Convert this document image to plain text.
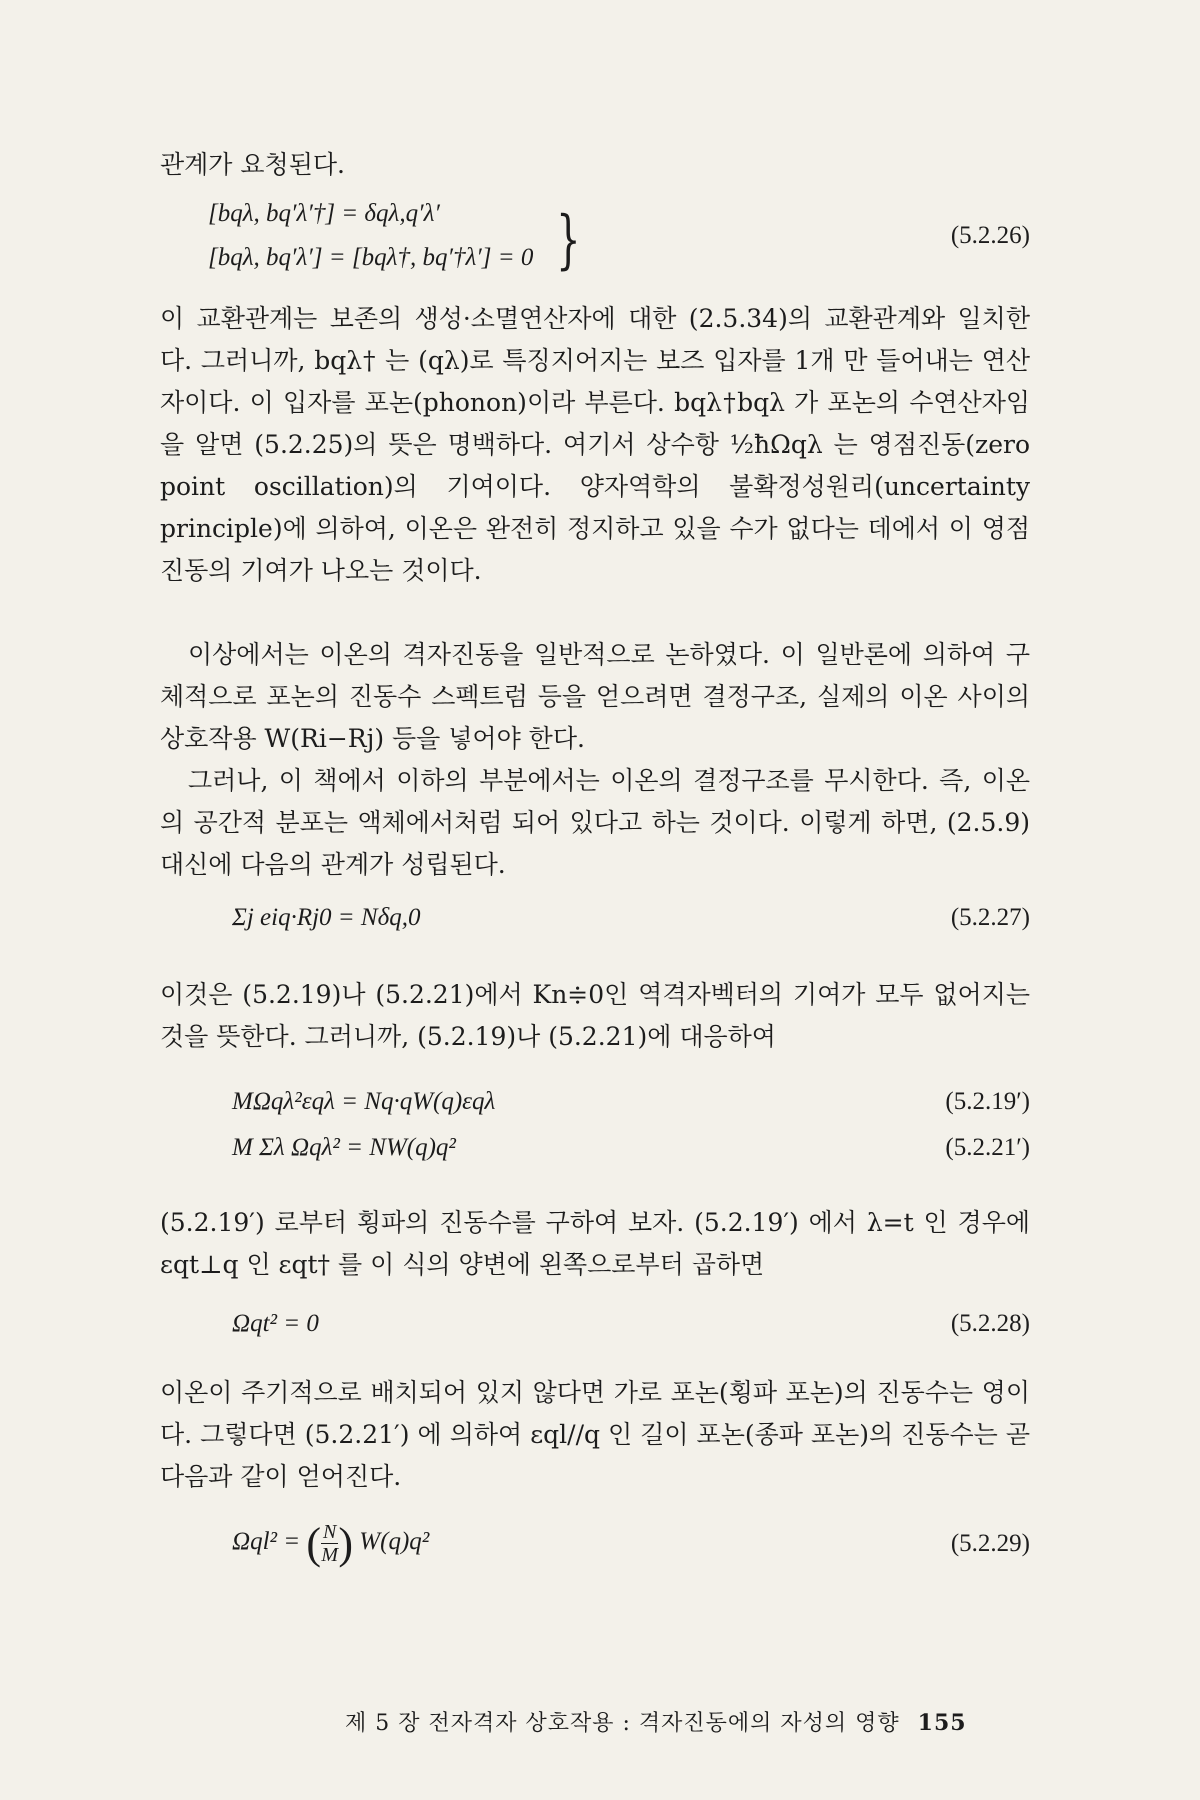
관계가 요청된다.

[bqλ, bq′λ′†] = δqλ,q′λ′
[bqλ, bq′λ′] = [bqλ†, bq′†λ′] = 0 }	(5.2.26)

이 교환관계는 보존의 생성·소멸연산자에 대한 (2.5.34)의 교환관계와 일치한다. 그러니까, bqλ† 는 (qλ)로 특징지어지는 보즈 입자를 1개 만 들어내는 연산자이다. 이 입자를 포논(phonon)이라 부른다. bqλ†bqλ 가 포논의 수연산자임을 알면 (5.2.25)의 뜻은 명백하다. 여기서 상수항 ½ħΩqλ 는 영점진동(zero point oscillation)의 기여이다. 양자역학의 불확정성원리(uncertainty principle)에 의하여, 이온은 완전히 정지하고 있을 수가 없다는 데에서 이 영점진동의 기여가 나오는 것이다.

이상에서는 이온의 격자진동을 일반적으로 논하였다. 이 일반론에 의하여 구체적으로 포논의 진동수 스펙트럼 등을 얻으려면 결정구조, 실제의 이온 사이의 상호작용 W(Ri−Rj) 등을 넣어야 한다.

그러나, 이 책에서 이하의 부분에서는 이온의 결정구조를 무시한다. 즉, 이온의 공간적 분포는 액체에서처럼 되어 있다고 하는 것이다. 이렇게 하면, (2.5.9) 대신에 다음의 관계가 성립된다.

Σj eiq·Rj0 = Nδq,0	(5.2.27)

이것은 (5.2.19)나 (5.2.21)에서 Kn≑0인 역격자벡터의 기여가 모두 없어지는 것을 뜻한다. 그러니까, (5.2.19)나 (5.2.21)에 대응하여

MΩqλ²εqλ = Nq·qW(q)εqλ	(5.2.19′)
M Σλ Ωqλ² = NW(q)q²	(5.2.21′)

(5.2.19′) 로부터 횡파의 진동수를 구하여 보자. (5.2.19′) 에서 λ=t 인 경우에 εqt⊥q 인 εqt† 를 이 식의 양변에 왼쪽으로부터 곱하면

Ωqt² = 0	(5.2.28)

이온이 주기적으로 배치되어 있지 않다면 가로 포논(횡파 포논)의 진동수는 영이다. 그렇다면 (5.2.21′) 에 의하여 εql//q 인 길이 포논(종파 포논)의 진동수는 곧 다음과 같이 얻어진다.

Ωql² = ( $\frac{N}{M}$ ) W(q)q²	(5.2.29)
제 5 장 전자격자 상호작용 : 격자진동에의 자성의 영향 155
